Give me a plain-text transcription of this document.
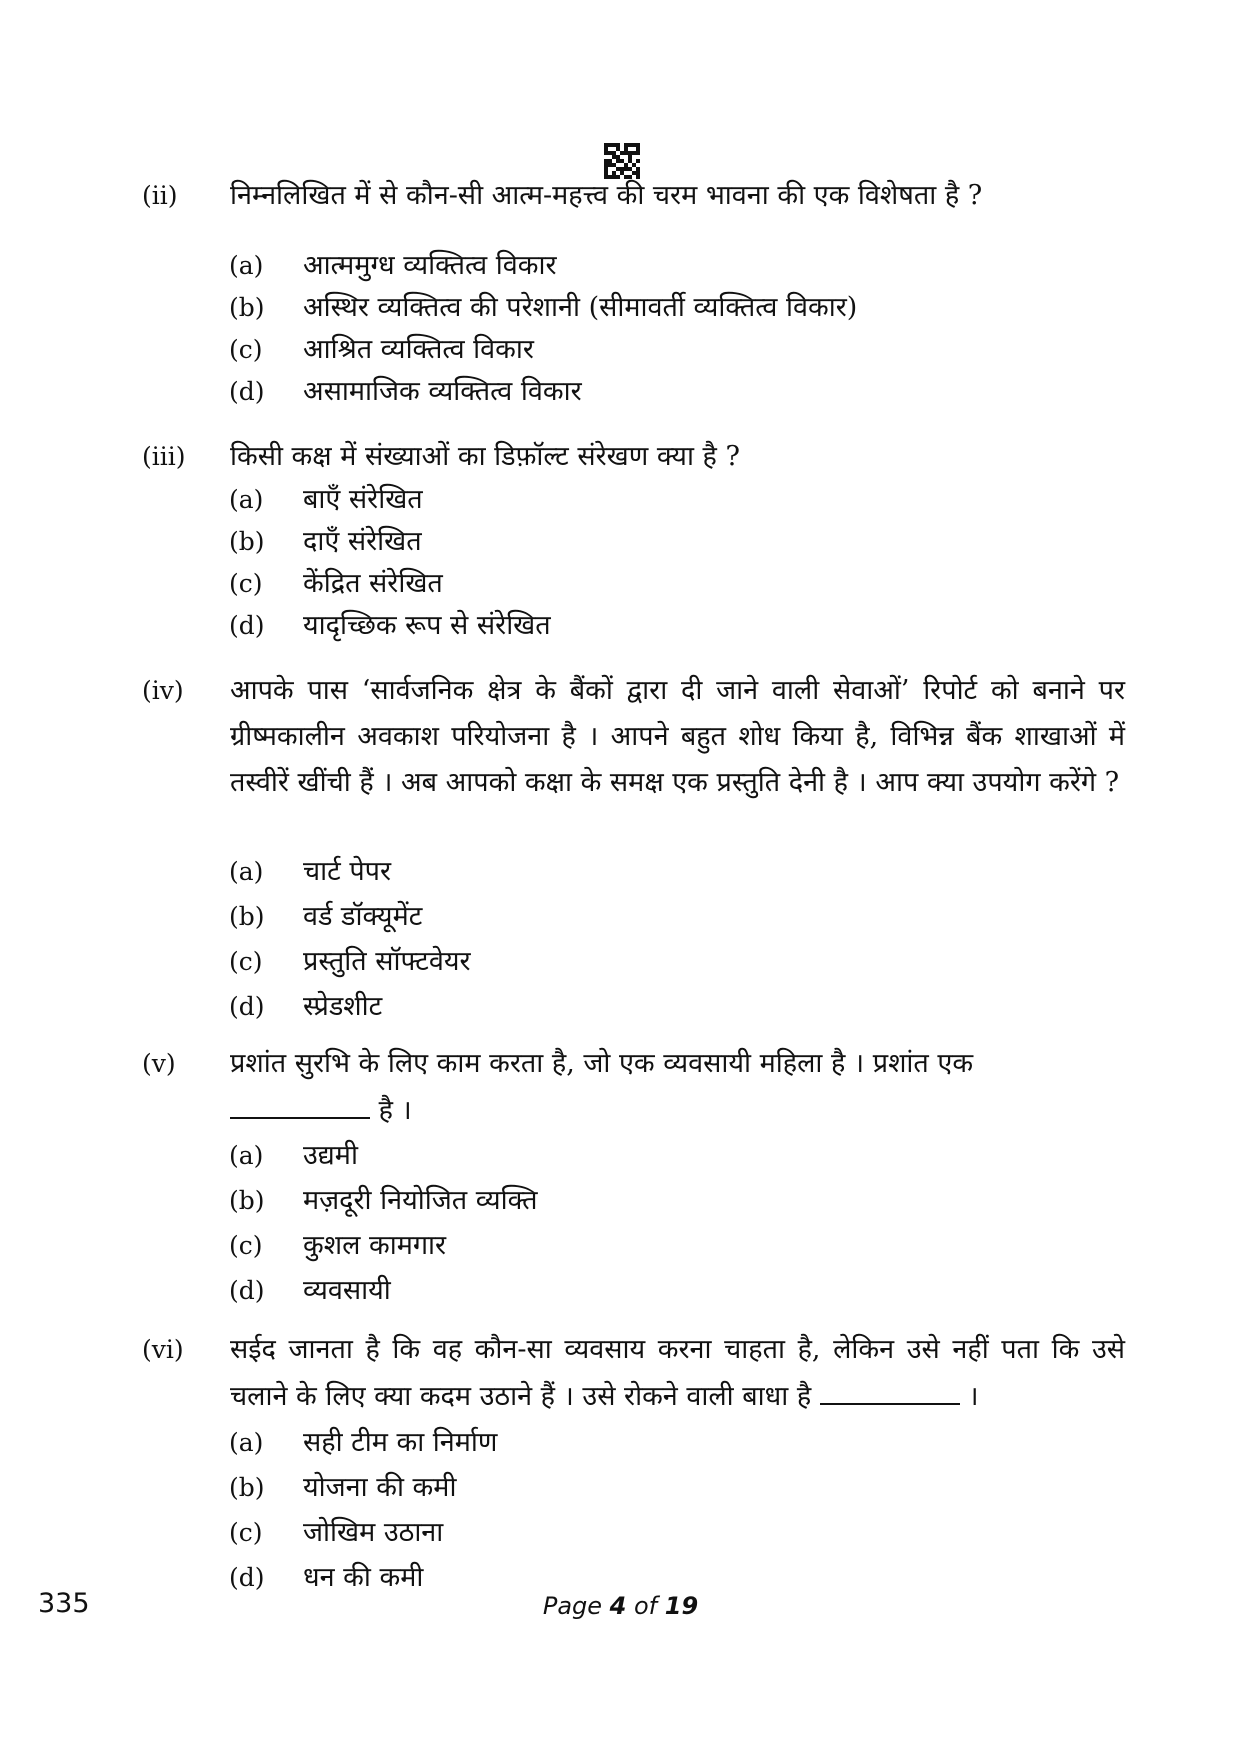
(ii) निम्नलिखित में से कौन-सी आत्म-महत्त्व की चरम भावना की एक विशेषता है ?
(a) आत्ममुग्ध व्यक्तित्व विकार
(b) अस्थिर व्यक्तित्व की परेशानी (सीमावर्ती व्यक्तित्व विकार)
(c) आश्रित व्यक्तित्व विकार
(d) असामाजिक व्यक्तित्व विकार
(iii) किसी कक्ष में संख्याओं का डिफ़ॉल्ट संरेखण क्या है ?
(a) बाएँ संरेखित
(b) दाएँ संरेखित
(c) केंद्रित संरेखित
(d) यादृच्छिक रूप से संरेखित
(iv) आपके पास ‘सार्वजनिक क्षेत्र के बैंकों द्वारा दी जाने वाली सेवाओं’ रिपोर्ट को बनाने पर ग्रीष्मकालीन अवकाश परियोजना है । आपने बहुत शोध किया है, विभिन्न बैंक शाखाओं में तस्वीरें खींची हैं । अब आपको कक्षा के समक्ष एक प्रस्तुति देनी है । आप क्या उपयोग करेंगे ?
(a) चार्ट पेपर
(b) वर्ड डॉक्यूमेंट
(c) प्रस्तुति सॉफ्टवेयर
(d) स्प्रेडशीट
(v) प्रशांत सुरभि के लिए काम करता है, जो एक व्यवसायी महिला है । प्रशांत एक
है ।
(a) उद्यमी
(b) मज़दूरी नियोजित व्यक्ति
(c) कुशल कामगार
(d) व्यवसायी
(vi) सईद जानता है कि वह कौन-सा व्यवसाय करना चाहता है, लेकिन उसे नहीं पता कि उसे चलाने के लिए क्या कदम उठाने हैं । उसे रोकने वाली बाधा है	।
(a) सही टीम का निर्माण
(b) योजना की कमी
(c) जोखिम उठाना
(d) धन की कमी
335	Page 4 of 19
